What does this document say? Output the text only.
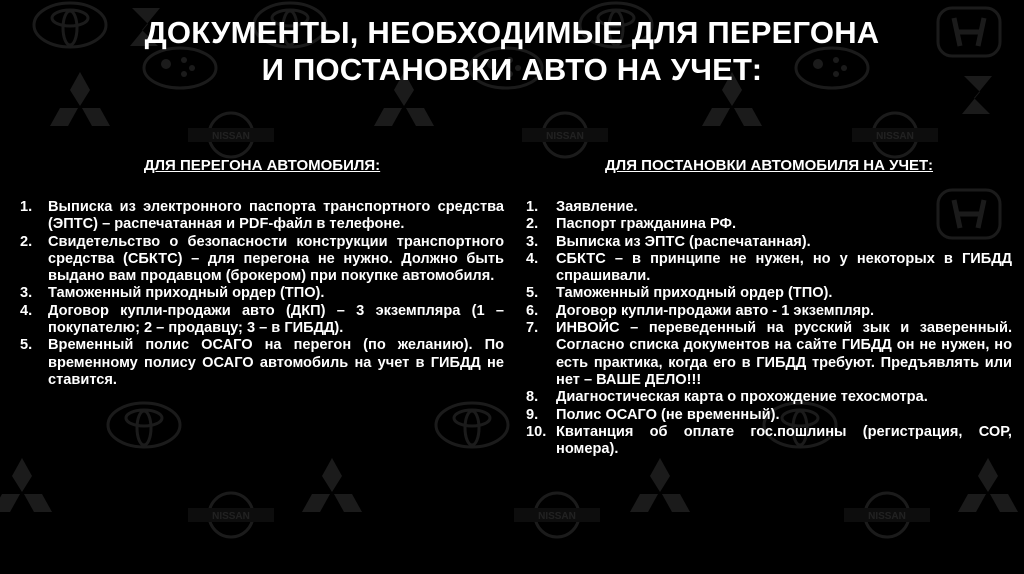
NISSAN	NISSAN	NISSAN
NISSAN	NISSAN	NISSAN
ДОКУМЕНТЫ, НЕОБХОДИМЫЕ ДЛЯ ПЕРЕГОНА
И ПОСТАНОВКИ АВТО НА УЧЕТ:
ДЛЯ ПЕРЕГОНА АВТОМОБИЛЯ:
1. Выписка из электронного паспорта транспортного средства (ЭПТС) – распечатанная и PDF-файл в телефоне.
2. Свидетельство о безопасности конструкции транспортного средства (СБКТС) – для перегона не нужно. Должно быть выдано вам продавцом (брокером) при покупке автомобиля.
3. Таможенный приходный ордер (ТПО).
4. Договор купли-продажи авто (ДКП) – 3 экземпляра (1 – покупателю; 2 – продавцу; 3 – в ГИБДД).
5. Временный полис ОСАГО на перегон (по желанию). По временному полису ОСАГО автомобиль на учет в ГИБДД не ставится.
ДЛЯ ПОСТАНОВКИ АВТОМОБИЛЯ НА УЧЕТ:
1. Заявление.
2. Паспорт гражданина РФ.
3. Выписка из ЭПТС (распечатанная).
4. СБКТС – в принципе не нужен, но у некоторых в ГИБДД спрашивали.
5. Таможенный приходный ордер (ТПО).
6. Договор купли-продажи авто - 1 экземпляр.
7. ИНВОЙС – переведенный на русский зык и заверенный. Согласно списка документов на сайте ГИБДД он не нужен, но есть практика, когда его в ГИБДД требуют. Предъявлять или нет – ВАШЕ ДЕЛО!!!
8. Диагностическая карта о прохождение техосмотра.
9. Полис ОСАГО (не временный).
10. Квитанция об оплате гос.пошлины (регистрация, СОР, номера).
